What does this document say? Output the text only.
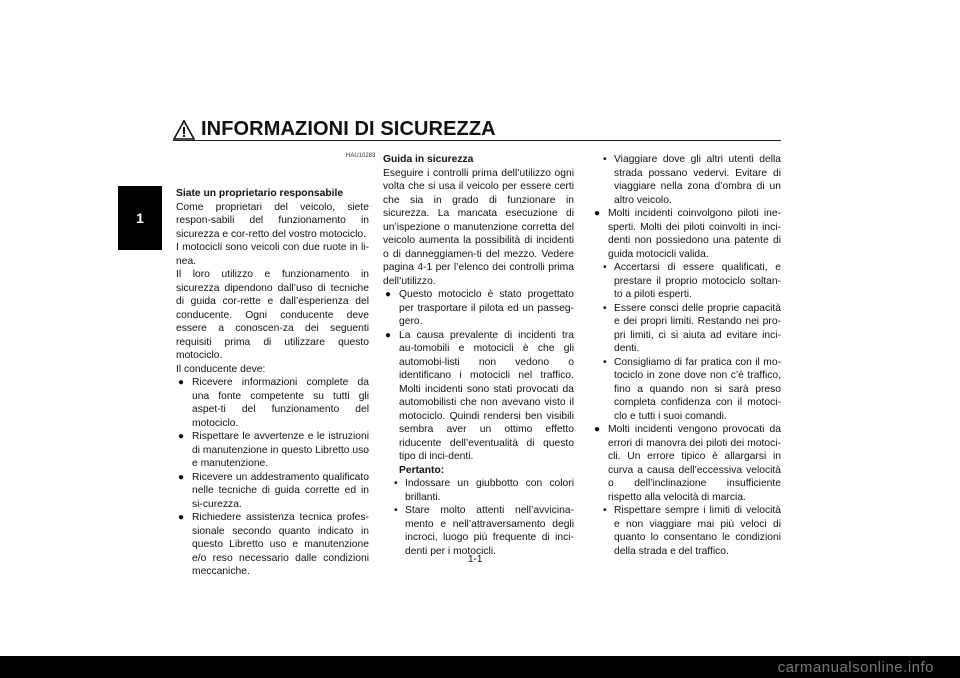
1
INFORMAZIONI DI SICUREZZA
HAU10283

Siate un proprietario responsabile

Come proprietari del veicolo, siete respon-sabili del funzionamento in sicurezza e cor-retto del vostro motociclo.

I motocicli sono veicoli con due ruote in li-nea.

Il loro utilizzo e funzionamento in sicurezza dipendono dall’uso di tecniche di guida cor-rette e dall’esperienza del conducente. Ogni conducente deve essere a conoscen-za dei seguenti requisiti prima di utilizzare questo motociclo.

Il conducente deve:

● Ricevere informazioni complete da una fonte competente su tutti gli aspet-ti del funzionamento del motociclo.

● Rispettare le avvertenze e le istruzioni di manutenzione in questo Libretto uso e manutenzione.

● Ricevere un addestramento qualificato nelle tecniche di guida corrette ed in si-curezza.

● Richiedere assistenza tecnica profes-sionale secondo quanto indicato in questo Libretto uso e manutenzione e/o reso necessario dalle condizioni meccaniche.

Guida in sicurezza

Eseguire i controlli prima dell’utilizzo ogni volta che si usa il veicolo per essere certi che sia in grado di funzionare in sicurezza. La mancata esecuzione di un’ispezione o manutenzione corretta del veicolo aumenta la possibilità di incidenti o di danneggiamen-ti del mezzo. Vedere pagina 4-1 per l’elenco dei controlli prima dell’utilizzo.

● Questo motociclo è stato progettato per trasportare il pilota ed un passeg-gero.

● La causa prevalente di incidenti tra au-tomobili e motocicli è che gli automobi-listi non vedono o identificano i motocicli nel traffico. Molti incidenti sono stati provocati da automobilisti che non avevano visto il motociclo. Quindi rendersi ben visibili sembra aver un ottimo effetto riducente dell’eventualità di questo tipo di inci-denti.

Pertanto:

• Indossare un giubbotto con colori brillanti.

• Stare molto attenti nell’avvicina-mento e nell’attraversamento degli incroci, luogo più frequente di inci-denti per i motocicli.

• Viaggiare dove gli altri utenti della strada possano vedervi. Evitare di viaggiare nella zona d’ombra di un altro veicolo.

● Molti incidenti coinvolgono piloti ine-sperti. Molti dei piloti coinvolti in inci-denti non possiedono una patente di guida motocicli valida.

• Accertarsi di essere qualificati, e prestare il proprio motociclo soltan-to a piloti esperti.

• Essere consci delle proprie capacità e dei propri limiti. Restando nei pro-pri limiti, ci si aiuta ad evitare inci-denti.

• Consigliamo di far pratica con il mo-tociclo in zone dove non c’è traffico, fino a quando non si sarà preso completa confidenza con il motoci-clo e tutti i suoi comandi.

● Molti incidenti vengono provocati da errori di manovra dei piloti dei motoci-cli. Un errore tipico è allargarsi in curva a causa dell’eccessiva velocità o dell’inclinazione insufficiente rispetto alla velocità di marcia.

• Rispettare sempre i limiti di velocità e non viaggiare mai più veloci di quanto lo consentano le condizioni della strada e del traffico.

1-1
carmanualsonline.info
